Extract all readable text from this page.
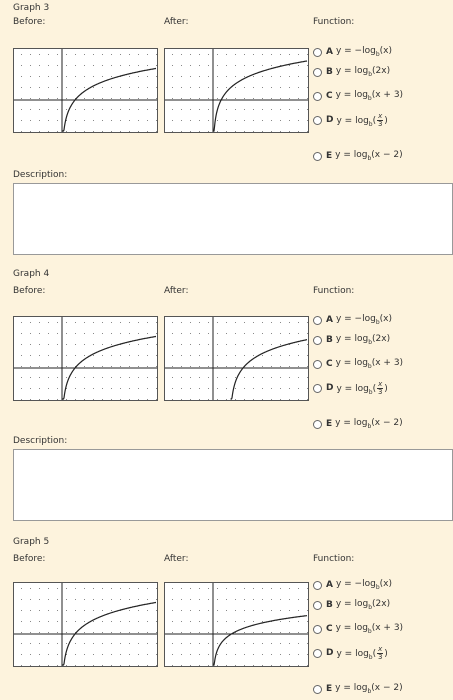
Graph 3
Before:	After:	Function:
A $y = -\log_b(x)$
B $y = \log_b(2x)$
C $y = \log_b(x + 3)$
D $y = \log_b( \frac{x}{3}$ )
E $y = \log_b(x - 2)$
Description:
Graph 4
Before:	After:	Function:
A $y = -\log_b(x)$
B $y = \log_b(2x)$
C $y = \log_b(x + 3)$
D $y = \log_b( \frac{x}{3}$ )
E $y = \log_b(x - 2)$
Description:
Graph 5
Before:	After:	Function:
A $y = -\log_b(x)$
B $y = \log_b(2x)$
C $y = \log_b(x + 3)$
D $y = \log_b( \frac{x}{3}$ )
E $y = \log_b(x - 2)$
